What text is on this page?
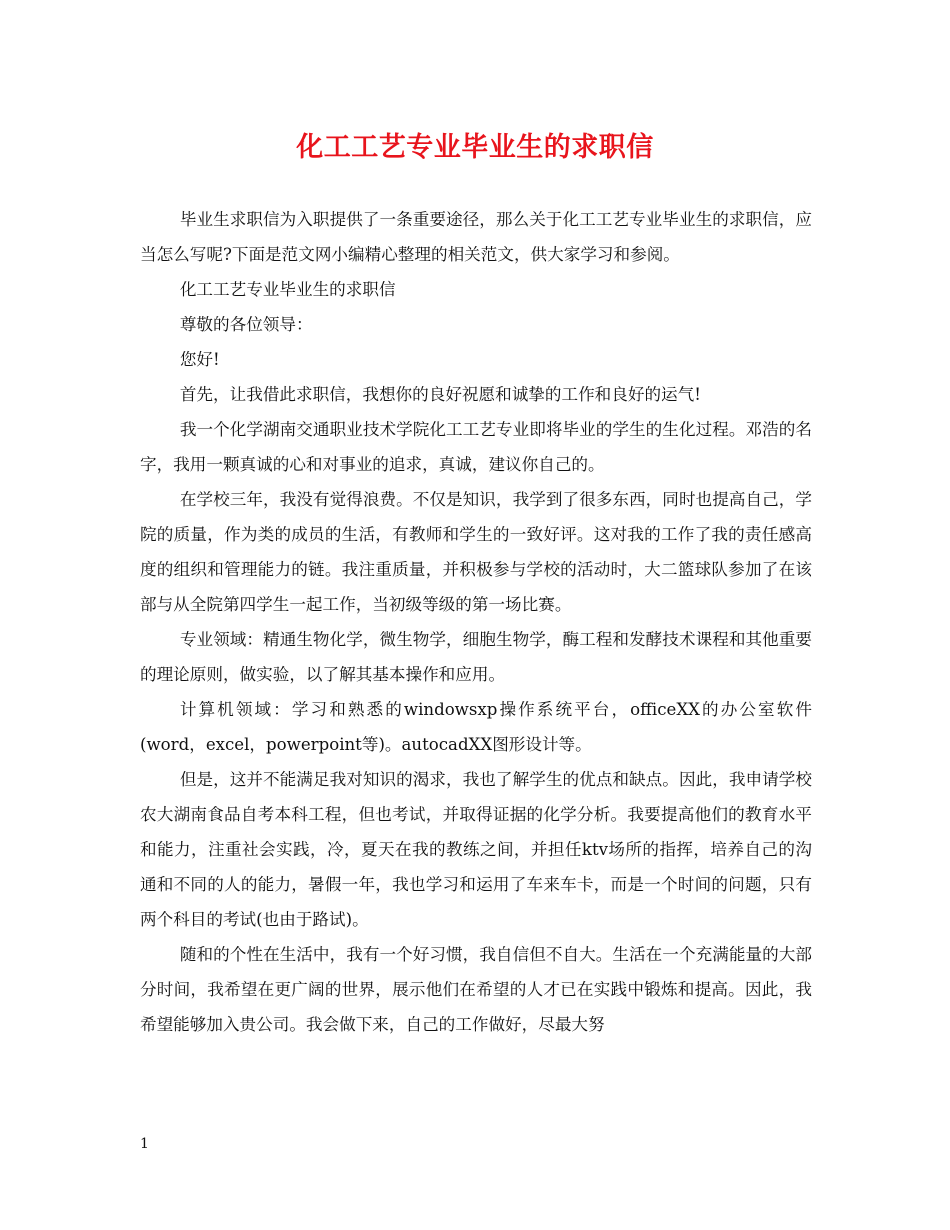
化工工艺专业毕业生的求职信

毕业生求职信为入职提供了一条重要途径，那么关于化工工艺专业毕业生的求职信，应当怎么写呢?下面是范文网小编精心整理的相关范文，供大家学习和参阅。

化工工艺专业毕业生的求职信

尊敬的各位领导：

您好!

首先，让我借此求职信，我想你的良好祝愿和诚挚的工作和良好的运气!

我一个化学湖南交通职业技术学院化工工艺专业即将毕业的学生的生化过程。邓浩的名字，我用一颗真诚的心和对事业的追求，真诚，建议你自己的。

在学校三年，我没有觉得浪费。不仅是知识，我学到了很多东西，同时也提高自己，学院的质量，作为类的成员的生活，有教师和学生的一致好评。这对我的工作了我的责任感高度的组织和管理能力的链。我注重质量，并积极参与学校的活动时，大二篮球队参加了在该部与从全院第四学生一起工作，当初级等级的第一场比赛。

专业领域：精通生物化学，微生物学，细胞生物学，酶工程和发酵技术课程和其他重要的理论原则，做实验，以了解其基本操作和应用。

计算机领域：学习和熟悉的windowsxp操作系统平台，officeXX的办公室软件(word，excel，powerpoint等)。autocadXX图形设计等。

但是，这并不能满足我对知识的渴求，我也了解学生的优点和缺点。因此，我申请学校农大湖南食品自考本科工程，但也考试，并取得证据的化学分析。我要提高他们的教育水平和能力，注重社会实践，冷，夏天在我的教练之间，并担任ktv场所的指挥，培养自己的沟通和不同的人的能力，暑假一年，我也学习和运用了车来车卡，而是一个时间的问题，只有两个科目的考试(也由于路试)。

随和的个性在生活中，我有一个好习惯，我自信但不自大。生活在一个充满能量的大部分时间，我希望在更广阔的世界，展示他们在希望的人才已在实践中锻炼和提高。因此，我希望能够加入贵公司。我会做下来，自己的工作做好，尽最大努

1
